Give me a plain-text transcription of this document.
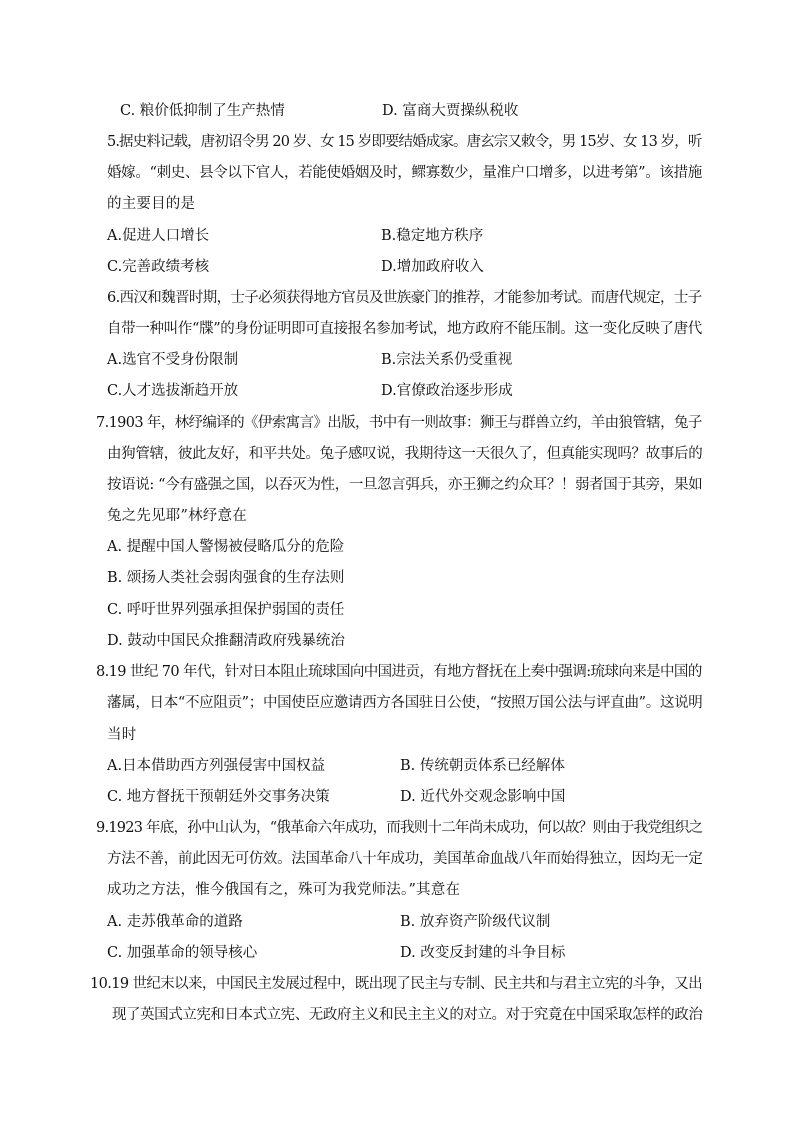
C. 粮价低抑制了生产热情	D. 富商大贾操纵税收
5.据史料记载，唐初诏令男 20 岁、女 15 岁即要结婚成家。唐玄宗又敕令，男 15岁、女 13 岁，听
婚嫁。“刺史、县令以下官人，若能使婚姻及时，鳏寡数少，量准户口增多，以进考第”。该措施
的主要目的是
A.促进人口增长	B.稳定地方秩序
C.完善政绩考核	D.增加政府收入
6.西汉和魏晋时期，士子必须获得地方官员及世族豪门的推荐，才能参加考试。而唐代规定，士子
自带一种叫作“牒”的身份证明即可直接报名参加考试，地方政府不能压制。这一变化反映了唐代
A.选官不受身份限制	B.宗法关系仍受重视
C.人才选拔渐趋开放	D.官僚政治逐步形成
7.1903 年，林纾编译的《伊索寓言》出版，书中有一则故事：狮王与群兽立约，羊由狼管辖，兔子
由狗管辖，彼此友好，和平共处。兔子感叹说，我期待这一天很久了，但真能实现吗？故事后的
按语说: “今有盛强之国，以吞灭为性，一旦忽言弭兵，亦王狮之约众耳？！弱者国于其旁，果如
兔之先见耶”林纾意在
A. 提醒中国人警惕被侵略瓜分的危险
B. 颂扬人类社会弱肉强食的生存法则
C. 呼吁世界列强承担保护弱国的责任
D. 鼓动中国民众推翻清政府残暴统治
8.19 世纪 70 年代，针对日本阻止琉球国向中国进贡，有地方督抚在上奏中强调:琉球向来是中国的
藩属，日本“不应阻贡”；中国使臣应邀请西方各国驻日公使，“按照万国公法与评直曲”。这说明
当时
A.日本借助西方列强侵害中国权益	B. 传统朝贡体系已经解体
C. 地方督抚干预朝廷外交事务决策	D. 近代外交观念影响中国
9.1923 年底，孙中山认为，“俄革命六年成功，而我则十二年尚未成功，何以故？则由于我党组织之
方法不善，前此因无可仿效。法国革命八十年成功，美国革命血战八年而始得独立，因均无一定
成功之方法，惟今俄国有之，殊可为我党师法。”其意在
A. 走苏俄革命的道路	B. 放弃资产阶级代议制
C. 加强革命的领导核心	D. 改变反封建的斗争目标
10.19 世纪末以来，中国民主发展过程中，既出现了民主与专制、民主共和与君主立宪的斗争，又出
现了英国式立宪和日本式立宪、无政府主义和民主主义的对立。对于究竟在中国采取怎样的政治
